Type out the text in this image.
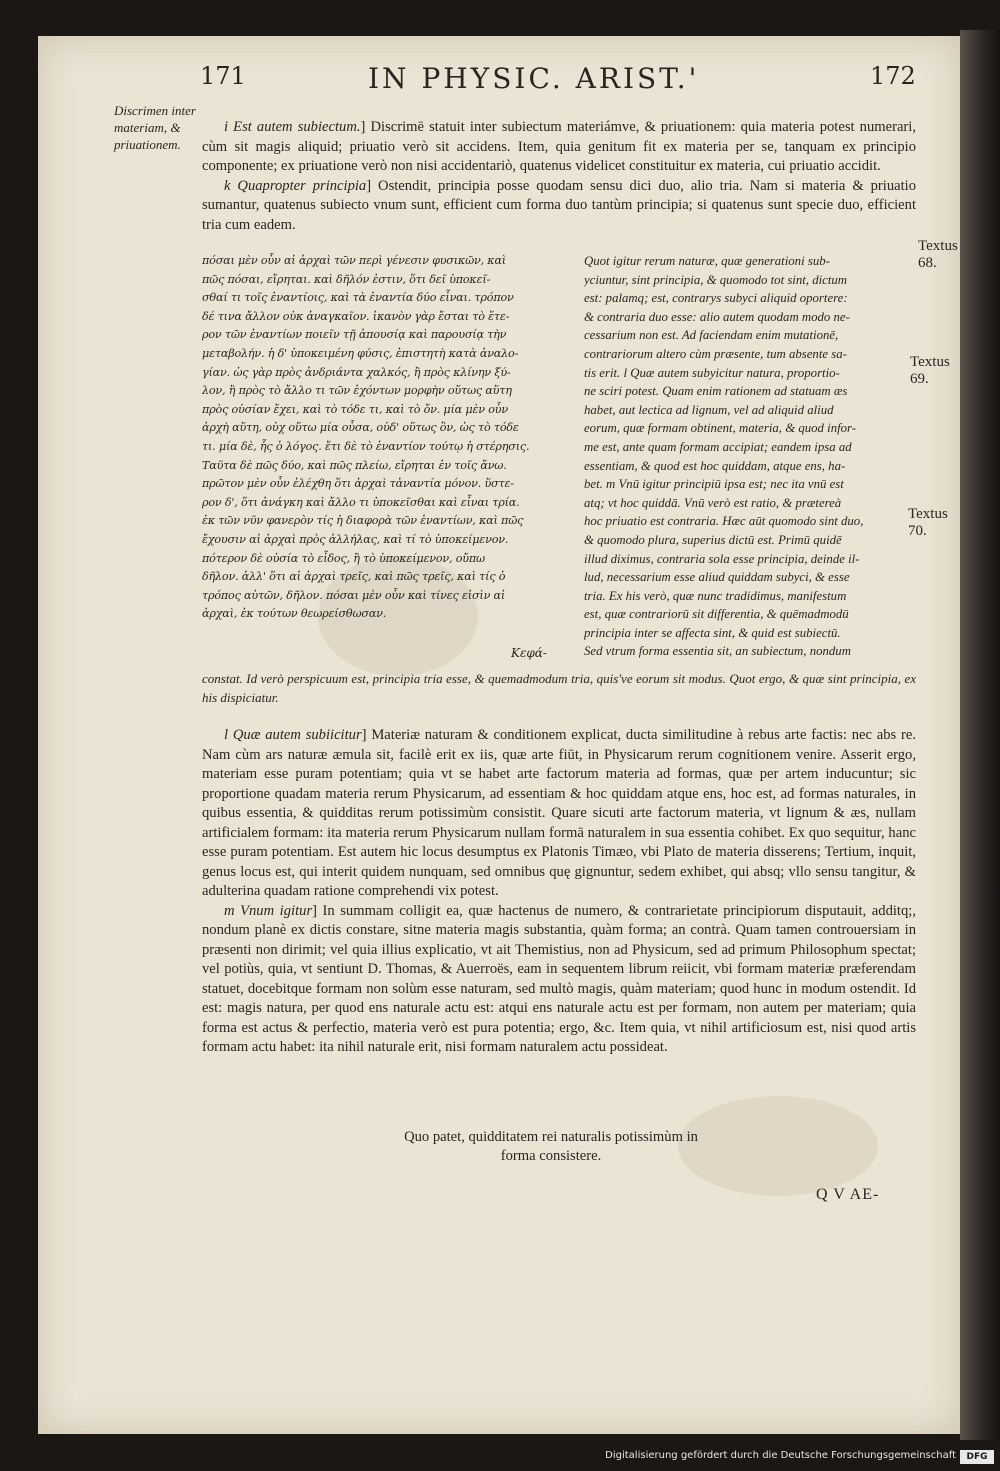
171	IN PHYSIC. ARIST.'	172
Discrimen inter materiam, & priuationem.

i Est autem subiectum.] Discrimē statuit inter subiectum materiámve, & priuationem: quia materia potest numerari, cùm sit magis aliquid; priuatio verò sit accidens. Item, quia genitum fit ex materia per se, tanquam ex principio componente; ex priuatione verò non nisi accidentariò, quatenus videlicet constituitur ex materia, cui priuatio accidit.

k Quapropter principia] Ostendit, principia posse quodam sensu dici duo, alio tria. Nam si materia & priuatio sumantur, quatenus subiecto vnum sunt, efficient cum forma duo tantùm principia; si quatenus sunt specie duo, efficient tria cum eadem.

πόσαι μὲν οὖν αἱ ἀρχαὶ τῶν περὶ γένεσιν φυσικῶν, καὶ
πῶς πόσαι, εἴρηται. καὶ δῆλόν ἐστιν, ὅτι δεῖ ὑποκεῖ-
σθαί τι τοῖς ἐναντίοις, καὶ τὰ ἐναντία δύο εἶναι. τρόπον
δέ τινα ἄλλον οὐκ ἀναγκαῖον. ἱκανὸν γὰρ ἔσται τὸ ἕτε-
ρον τῶν ἐναντίων ποιεῖν τῇ ἀπουσίᾳ καὶ παρουσίᾳ τὴν
μεταβολήν. ἡ δ' ὑποκειμένη φύσις, ἐπιστητὴ κατὰ ἀναλο-
γίαν. ὡς γὰρ πρὸς ἀνδριάντα χαλκός, ἢ πρὸς κλίνην ξύ-
λον, ἢ πρὸς τὸ ἄλλο τι τῶν ἐχόντων μορφὴν οὕτως αὕτη
πρὸς οὐσίαν ἔχει, καὶ τὸ τόδε τι, καὶ τὸ ὄν. μία μὲν οὖν
ἀρχὴ αὕτη, οὐχ οὕτω μία οὖσα, οὐδ' οὕτως ὂν, ὡς τὸ τόδε
τι. μία δὲ, ἧς ὁ λόγος. ἔτι δὲ τὸ ἐναντίον τούτῳ ἡ στέρησις.
Ταῦτα δὲ πῶς δύο, καὶ πῶς πλείω, εἴρηται ἐν τοῖς ἄνω.
πρῶτον μὲν οὖν ἐλέχθη ὅτι ἀρχαὶ τἀναντία μόνον. ὕστε-
ρον δ', ὅτι ἀνάγκη καὶ ἄλλο τι ὑποκεῖσθαι καὶ εἶναι τρία.
ἐκ τῶν νῦν φανερὸν τίς ἡ διαφορὰ τῶν ἐναντίων, καὶ πῶς
ἔχουσιν αἱ ἀρχαὶ πρὸς ἀλλήλας, καὶ τί τὸ ὑποκείμενον.
πότερον δὲ οὐσία τὸ εἶδος, ἢ τὸ ὑποκείμενον, οὔπω
δῆλον. ἀλλ' ὅτι αἱ ἀρχαὶ τρεῖς, καὶ πῶς τρεῖς, καὶ τίς ὁ
τρόπος αὐτῶν, δῆλον. πόσαι μὲν οὖν καὶ τίνες εἰσὶν αἱ
ἀρχαὶ, ἐκ τούτων θεωρείσθωσαν.
Κεφά-
Quot igitur rerum naturæ, quæ generationi sub-
yciuntur, sint principia, & quomodo tot sint, dictum
est: palamq; est, contrarys subyci aliquid oportere:
& contraria duo esse: alio autem quodam modo ne-
cessarium non est. Ad faciendam enim mutationē,
contrariorum altero cùm præsente, tum absente sa-
tis erit. l Quæ autem subyicitur natura, proportio-
ne sciri potest. Quam enim rationem ad statuam æs
habet, aut lectica ad lignum, vel ad aliquid aliud
eorum, quæ formam obtinent, materia, & quod infor-
me est, ante quam formam accipiat; eandem ipsa ad
essentiam, & quod est hoc quiddam, atque ens, ha-
bet. m Vnū igitur principiū ipsa est; nec ita vnū est
atq; vt hoc quiddā. Vnū verò est ratio, & prætereà
hoc priuatio est contraria. Hæc aūt quomodo sint duo,
& quomodo plura, superius dictū est. Primū quidē
illud diximus, contraria sola esse principia, deinde il-
lud, necessarium esse aliud quiddam subyci, & esse
tria. Ex his verò, quæ nunc tradidimus, manifestum
est, quæ contrariorū sit differentia, & quēmadmodū
principia inter se affecta sint, & quid est subiectū.
Sed vtrum forma essentia sit, an subiectum, nondum
Textus 68.
Textus 69.
Textus 70.
constat. Id verò perspicuum est, principia tria esse, & quemadmodum tria, quis've eorum sit modus. Quot ergo, & quæ sint principia, ex his dispiciatur.

l Quæ autem subiicitur] Materiæ naturam & conditionem explicat, ducta similitudine à rebus arte factis: nec abs re. Nam cùm ars naturæ æmula sit, facilè erit ex iis, quæ arte fiūt, in Physicarum rerum cognitionem venire. Asserit ergo, materiam esse puram potentiam; quia vt se habet arte factorum materia ad formas, quæ per artem inducuntur; sic proportione quadam materia rerum Physicarum, ad essentiam & hoc quiddam atque ens, hoc est, ad formas naturales, in quibus essentia, & quidditas rerum potissimùm consistit. Quare sicuti arte factorum materia, vt lignum & æs, nullam artificialem formam: ita materia rerum Physicarum nullam formā naturalem in sua essentia cohibet. Ex quo sequitur, hanc esse puram potentiam. Est autem hic locus desumptus ex Platonis Timæo, vbi Plato de materia disserens; Tertium, inquit, genus locus est, qui interit quidem nunquam, sed omnibus quę gignuntur, sedem exhibet, qui absq; vllo sensu tangitur, & adulterina quadam ratione comprehendi vix potest.

m Vnum igitur] In summam colligit ea, quæ hactenus de numero, & contrarietate principiorum disputauit, additq;, nondum planè ex dictis constare, sitne materia magis substantia, quàm forma; an contrà. Quam tamen controuersiam in præsenti non dirimit; vel quia illius explicatio, vt ait Themistius, non ad Physicum, sed ad primum Philosophum spectat; vel potiùs, quia, vt sentiunt D. Thomas, & Auerroës, eam in sequentem librum reiicit, vbi formam materiæ præferendam statuet, docebitque formam non solùm esse naturam, sed multò magis, quàm materiam; quod hunc in modum ostendit. Id est: magis natura, per quod ens naturale actu est: atqui ens naturale actu est per formam, non autem per materiam; quia forma est actus & perfectio, materia verò est pura potentia; ergo, &c. Item quia, vt nihil artificiosum est, nisi quod artis formam actu habet: ita nihil naturale erit, nisi formam naturalem actu possideat.

Quo patet, quidditatem rei naturalis potissimùm in
forma consistere.
Q V AE-
Digitalisierung gefördert durch die Deutsche Forschungsgemeinschaft	DFG
